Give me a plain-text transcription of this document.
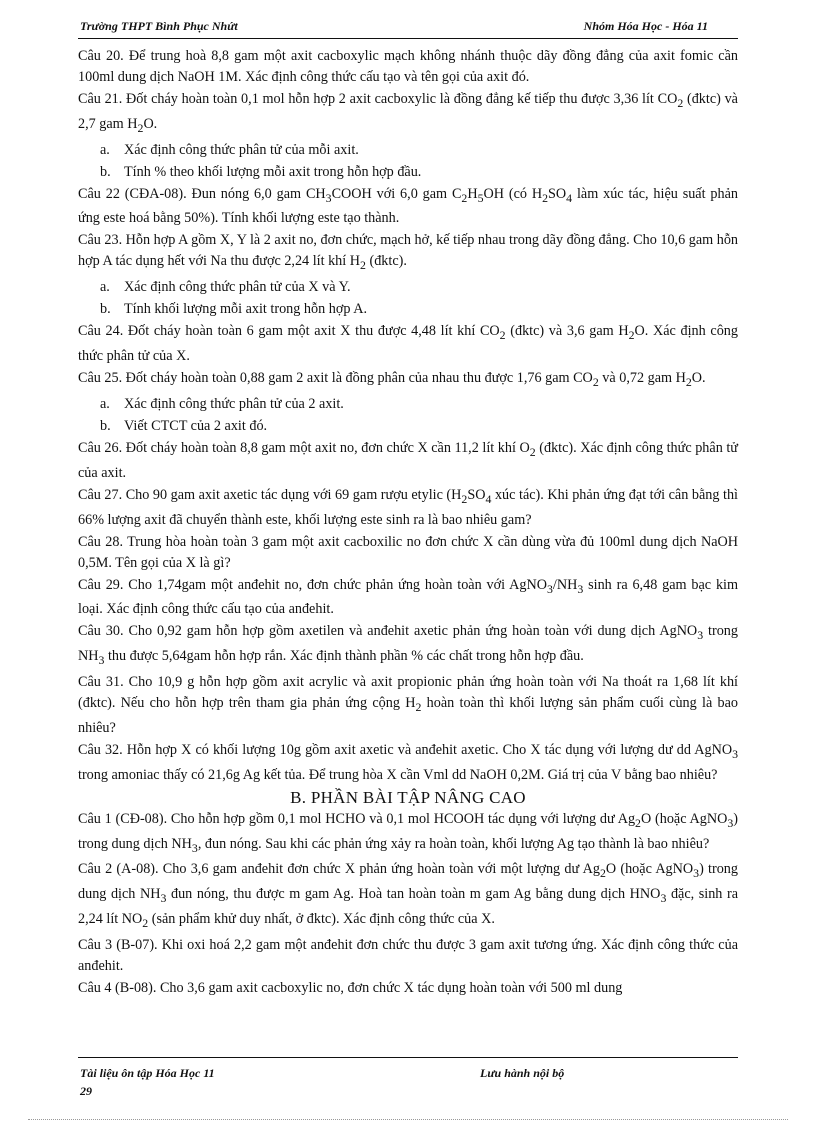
Trường THPT Bình Phục Nhứt	Nhóm Hóa Học - Hóa 11

Câu 20. Để trung hoà 8,8 gam một axit cacboxylic mạch không nhánh thuộc dãy đồng đẳng của axit fomic cần 100ml dung dịch NaOH 1M. Xác định công thức cấu tạo và tên gọi của axit đó.

Câu 21. Đốt cháy hoàn toàn 0,1 mol hỗn hợp 2 axit cacboxylic là đồng đẳng kế tiếp thu được 3,36 lít $CO_2$ (đktc) và 2,7 gam $H_2O$.

a. Xác định công thức phân tử của mỗi axit.

b. Tính % theo khối lượng mỗi axit trong hỗn hợp đầu.

Câu 22 (CĐA-08). Đun nóng 6,0 gam $CH_3COOH$ với 6,0 gam $C_2H_5OH$ (có $H_2SO_4$ làm xúc tác, hiệu suất phản ứng este hoá bằng 50%). Tính khối lượng este tạo thành.

Câu 23. Hỗn hợp A gồm X, Y là 2 axit no, đơn chức, mạch hở, kế tiếp nhau trong dãy đồng đẳng. Cho 10,6 gam hỗn hợp A tác dụng hết với Na thu được 2,24 lít khí $H_2$ (đktc).

a. Xác định công thức phân tử của X và Y.

b. Tính khối lượng mỗi axit trong hỗn hợp A.

Câu 24. Đốt cháy hoàn toàn 6 gam một axit X thu được 4,48 lít khí $CO_2$ (đktc) và 3,6 gam $H_2O$. Xác định công thức phân tử của X.

Câu 25. Đốt cháy hoàn toàn 0,88 gam 2 axit là đồng phân của nhau thu được 1,76 gam $CO_2$ và 0,72 gam $H_2O$.

a. Xác định công thức phân tử của 2 axit.

b. Viết CTCT của 2 axit đó.

Câu 26. Đốt cháy hoàn toàn 8,8 gam một axit no, đơn chức X cần 11,2 lít khí $O_2$ (đktc). Xác định công thức phân tử của axit.

Câu 27. Cho 90 gam axit axetic tác dụng với 69 gam rượu etylic ($H_2SO_4$ xúc tác). Khi phản ứng đạt tới cân bằng thì 66% lượng axit đã chuyển thành este, khối lượng este sinh ra là bao nhiêu gam?

Câu 28. Trung hòa hoàn toàn 3 gam một axit cacboxilic no đơn chức X cần dùng vừa đủ 100ml dung dịch NaOH 0,5M. Tên gọi của X là gì?

Câu 29. Cho 1,74gam một anđehit no, đơn chức phản ứng hoàn toàn với $AgNO_3/NH_3$ sinh ra 6,48 gam bạc kim loại. Xác định công thức cấu tạo của anđehit.

Câu 30. Cho 0,92 gam hỗn hợp gồm axetilen và anđehit axetic phản ứng hoàn toàn với dung dịch AgNO$_3$ trong $NH_3$ thu được 5,64gam hỗn hợp rắn. Xác định thành phần % các chất trong hỗn hợp đầu.

Câu 31. Cho 10,9 g hỗn hợp gồm axit acrylic và axit propionic phản ứng hoàn toàn với Na thoát ra 1,68 lít khí (đktc). Nếu cho hỗn hợp trên tham gia phản ứng cộng $H_2$ hoàn toàn thì khối lượng sản phẩm cuối cùng là bao nhiêu?

Câu 32. Hỗn hợp X có khối lượng 10g gồm axit axetic và anđehit axetic. Cho X tác dụng với lượng dư dd AgNO$_3$ trong amoniac thấy có 21,6g Ag kết tủa. Để trung hòa X cần Vml dd NaOH 0,2M. Giá trị của V bằng bao nhiêu?

B. PHẦN BÀI TẬP NÂNG CAO

Câu 1 (CĐ-08). Cho hỗn hợp gồm 0,1 mol HCHO và 0,1 mol HCOOH tác dụng với lượng dư $Ag_2O$ (hoặc AgNO$_3$) trong dung dịch $NH_3$, đun nóng. Sau khi các phản ứng xảy ra hoàn toàn, khối lượng Ag tạo thành là bao nhiêu?

Câu 2 (A-08). Cho 3,6 gam anđehit đơn chức X phản ứng hoàn toàn với một lượng dư $Ag_2O$ (hoặc AgNO$_3$) trong dung dịch $NH_3$ đun nóng, thu được m gam Ag. Hoà tan hoàn toàn m gam Ag bằng dung dịch $HNO_3$ đặc, sinh ra 2,24 lít $NO_2$ (sản phẩm khử duy nhất, ở đktc). Xác định công thức của X.

Câu 3 (B-07). Khi oxi hoá 2,2 gam một anđehit đơn chức thu được 3 gam axit tương ứng. Xác định công thức của anđehit.

Câu 4 (B-08). Cho 3,6 gam axit cacboxylic no, đơn chức X tác dụng hoàn toàn với 500 ml dung

Tài liệu ôn tập Hóa Học 11	Lưu hành nội bộ
29
